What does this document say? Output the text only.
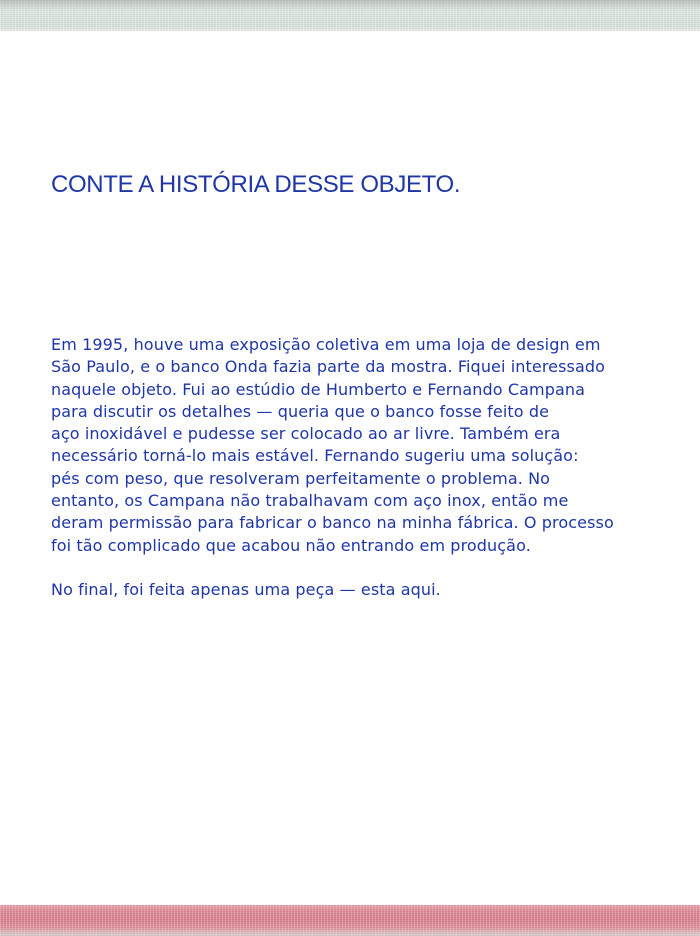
CONTE A HISTÓRIA DESSE OBJETO.

Em 1995, houve uma exposição coletiva em uma loja de design em
São Paulo, e o banco Onda fazia parte da mostra. Fiquei interessado
naquele objeto. Fui ao estúdio de Humberto e Fernando Campana
para discutir os detalhes — queria que o banco fosse feito de
aço inoxidável e pudesse ser colocado ao ar livre. Também era
necessário torná-lo mais estável. Fernando sugeriu uma solução:
pés com peso, que resolveram perfeitamente o problema. No
entanto, os Campana não trabalhavam com aço inox, então me
deram permissão para fabricar o banco na minha fábrica. O processo
foi tão complicado que acabou não entrando em produção.

No final, foi feita apenas uma peça — esta aqui.
